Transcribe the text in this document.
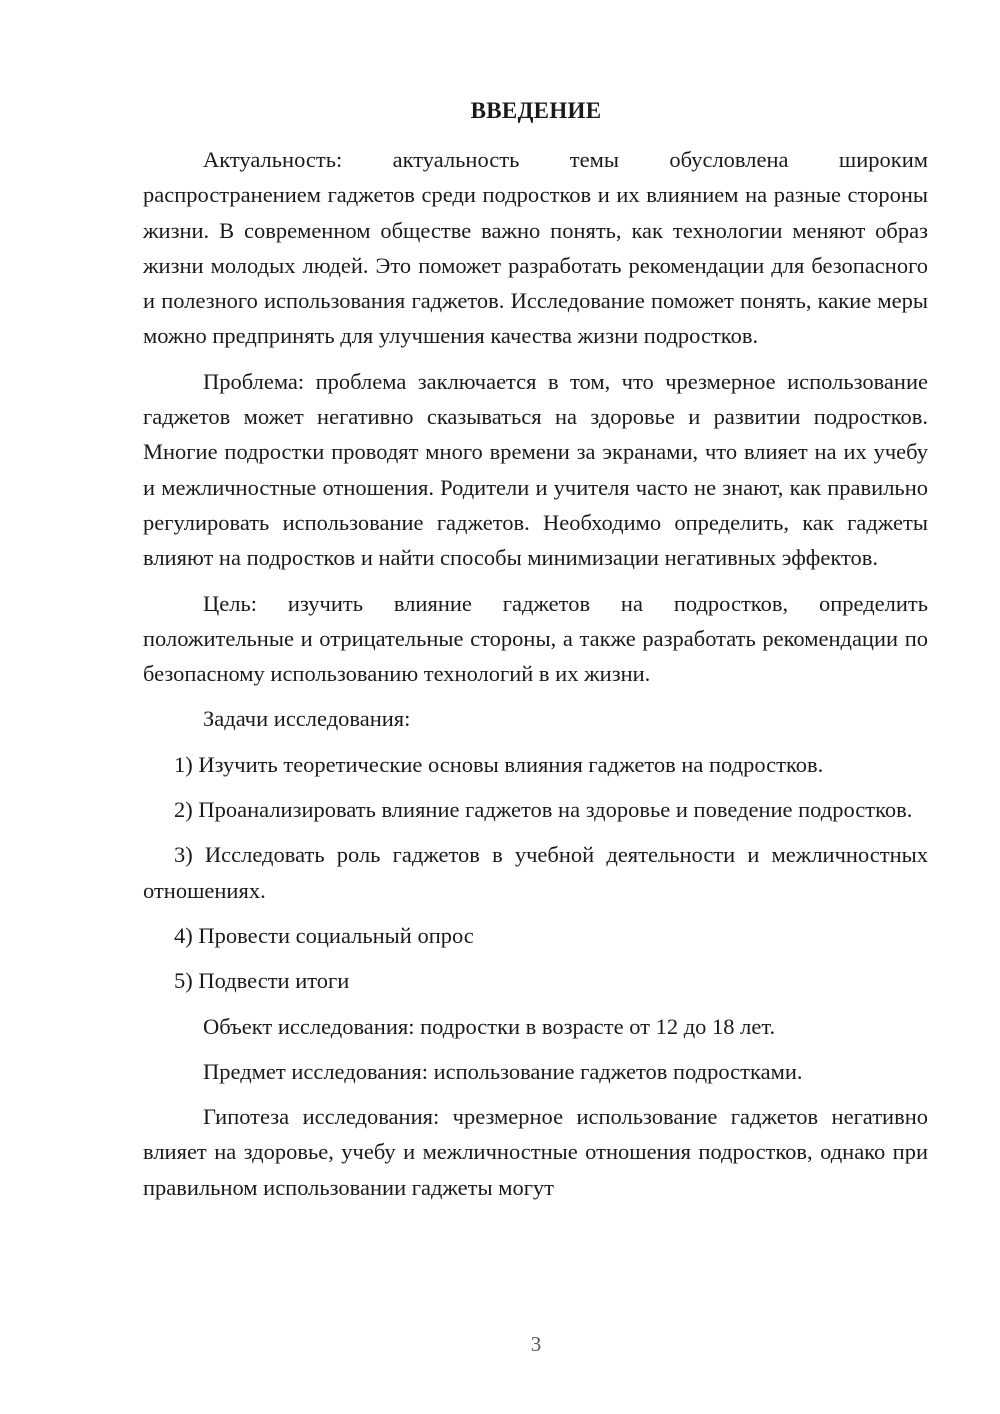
ВВЕДЕНИЕ

Актуальность: актуальность темы обусловлена широким распространением гаджетов среди подростков и их влиянием на разные стороны жизни. В современном обществе важно понять, как технологии меняют образ жизни молодых людей. Это поможет разработать рекомендации для безопасного и полезного использования гаджетов. Исследование поможет понять, какие меры можно предпринять для улучшения качества жизни подростков.

Проблема: проблема заключается в том, что чрезмерное использование гаджетов может негативно сказываться на здоровье и развитии подростков. Многие подростки проводят много времени за экранами, что влияет на их учебу и межличностные отношения. Родители и учителя часто не знают, как правильно регулировать использование гаджетов. Необходимо определить, как гаджеты влияют на подростков и найти способы минимизации негативных эффектов.

Цель: изучить влияние гаджетов на подростков, определить положительные и отрицательные стороны, а также разработать рекомендации по безопасному использованию технологий в их жизни.

Задачи исследования:

1) Изучить теоретические основы влияния гаджетов на подростков.

2) Проанализировать влияние гаджетов на здоровье и поведение подростков.

3) Исследовать роль гаджетов в учебной деятельности и межличностных отношениях.

4) Провести социальный опрос

5) Подвести итоги

Объект исследования: подростки в возрасте от 12 до 18 лет.

Предмет исследования: использование гаджетов подростками.

Гипотеза исследования: чрезмерное использование гаджетов негативно влияет на здоровье, учебу и межличностные отношения подростков, однако при правильном использовании гаджеты могут

3
